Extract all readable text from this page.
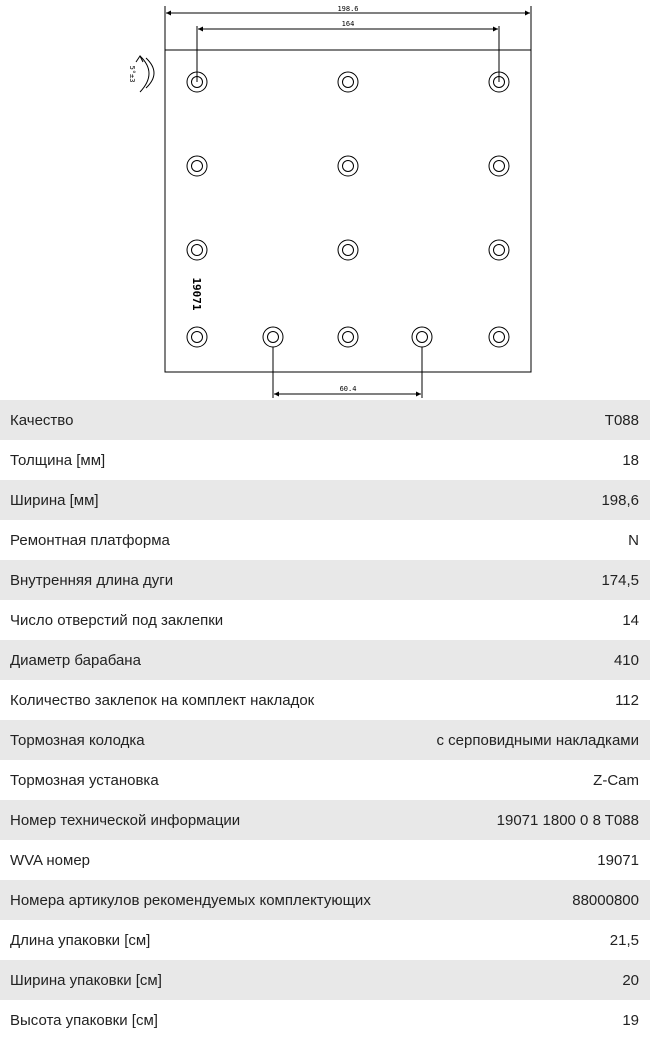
198.6
164
5°±3
19071
60.4
Качество	T088
Толщина [мм]	18
Ширина [мм]	198,6
Ремонтная платформа	N
Внутренняя длина дуги	174,5
Число отверстий под заклепки	14
Диаметр барабана	410
Количество заклепок на комплект накладок	112
Тормозная колодка	с серповидными накладками
Тормозная установка	Z-Cam
Номер технической информации	19071 1800 0 8 T088
WVA номер	19071
Номера артикулов рекомендуемых комплектующих	88000800
Длина упаковки [см]	21,5
Ширина упаковки [см]	20
Высота упаковки [см]	19
